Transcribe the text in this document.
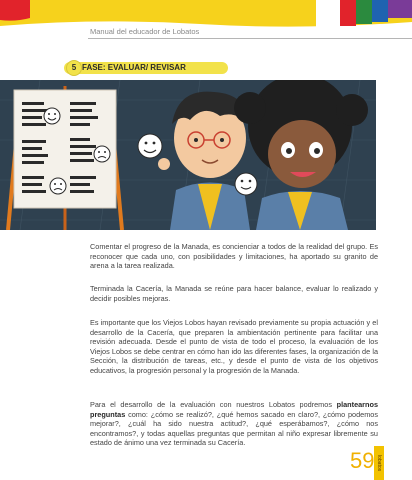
Manual del educador de Lobatos
FASE: EVALUAR/ REVISAR
5
Comentar el progreso de la Manada, es concienciar a todos de la realidad del grupo. Es reconocer que cada uno, con posibilidades y limitaciones, ha aportado su granito de arena a la tarea realizada.
Terminada la Cacería, la Manada se reúne para hacer balance, evaluar lo realizado y decidir posibles mejoras.
Es importante que los Viejos Lobos hayan revisado previamente su propia actuación y el desarrollo de la Cacería, que preparen la ambientación pertinente para facilitar una revisión adecuada. Desde el punto de vista de todo el proceso, la evaluación de los Viejos Lobos se debe centrar en cómo han ido las diferentes fases, la organización de la Sección, la distribución de tareas, etc., y desde el punto de vista de los objetivos educativos, la progresión personal y la progresión de la Manada.
Para el desarrollo de la evaluación con nuestros Lobatos podremos plantearnos preguntas como: ¿cómo se realizó?, ¿qué hemos sacado en claro?, ¿cómo podemos mejorar?, ¿cuál ha sido nuestra actitud?, ¿qué esperábamos?, ¿cómo nos encontramos?, y todas aquellas preguntas que permitan al niño expresar libremente su estado de ánimo una vez terminada su Cacería.
59 lobatos
